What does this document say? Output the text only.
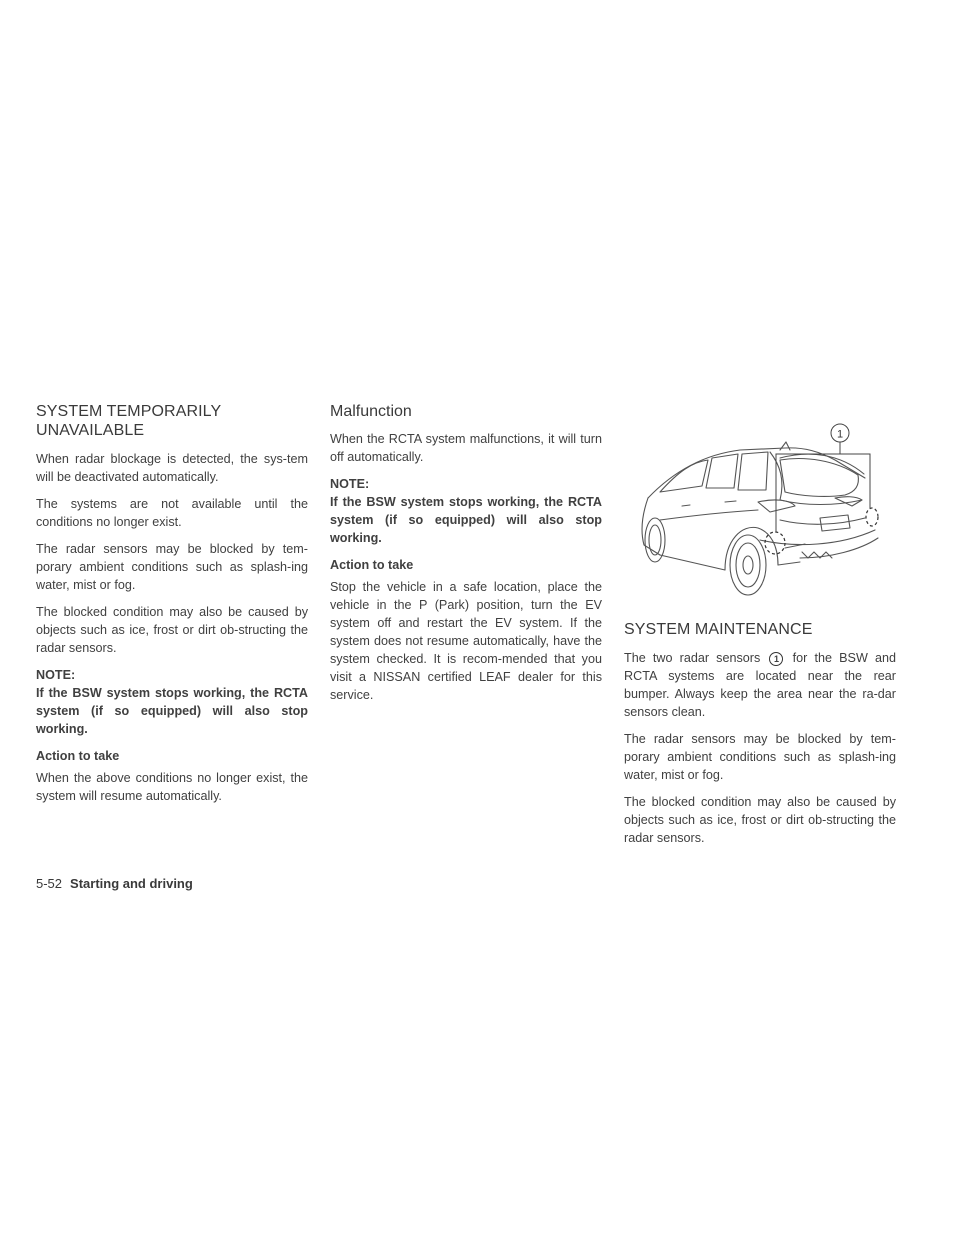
SYSTEM TEMPORARILY
UNAVAILABLE

When radar blockage is detected, the sys-tem will be deactivated automatically.

The systems are not available until the conditions no longer exist.

The radar sensors may be blocked by tem-porary ambient conditions such as splash-ing water, mist or fog.

The blocked condition may also be caused by objects such as ice, frost or dirt ob-structing the radar sensors.

NOTE:

If the BSW system stops working, the RCTA system (if so equipped) will also stop working.

Action to take

When the above conditions no longer exist, the system will resume automatically.

Malfunction

When the RCTA system malfunctions, it will turn off automatically.

NOTE:

If the BSW system stops working, the RCTA system (if so equipped) will also stop working.

Action to take

Stop the vehicle in a safe location, place the vehicle in the P (Park) position, turn the EV system off and restart the EV system. If the system does not resume automatically, have the system checked. It is recom-mended that you visit a NISSAN certified LEAF dealer for this service.

1
SYSTEM MAINTENANCE

The two radar sensors 1 for the BSW and RCTA systems are located near the rear bumper. Always keep the area near the ra-dar sensors clean.

The radar sensors may be blocked by tem-porary ambient conditions such as splash-ing water, mist or fog.

The blocked condition may also be caused by objects such as ice, frost or dirt ob-structing the radar sensors.

5-52 Starting and driving
